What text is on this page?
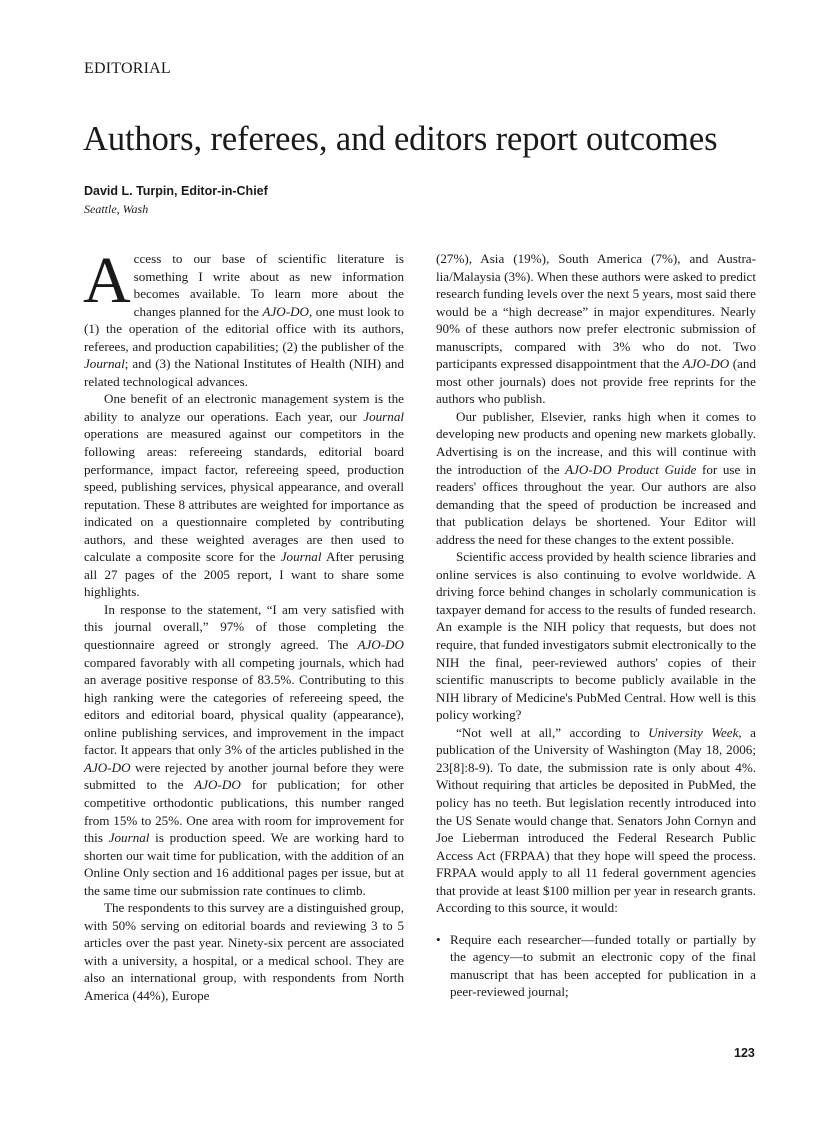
EDITORIAL
Authors, referees, and editors report outcomes
David L. Turpin, Editor-in-Chief
Seattle, Wash

Access to our base of scientific literature is something I write about as new information becomes available. To learn more about the changes planned for the AJO-DO, one must look to (1) the operation of the editorial office with its authors, referees, and production capabilities; (2) the publisher of the Journal; and (3) the National Institutes of Health (NIH) and related technological advances.

One benefit of an electronic management system is the ability to analyze our operations. Each year, our Journal operations are measured against our competitors in the following areas: refereeing standards, editorial board performance, impact factor, refereeing speed, production speed, publishing services, physical appearance, and overall reputation. These 8 attributes are weighted for importance as indicated on a questionnaire completed by contributing authors, and these weighted averages are then used to calculate a composite score for the Journal After perusing all 27 pages of the 2005 report, I want to share some highlights.

In response to the statement, “I am very satisfied with this journal overall,” 97% of those completing the questionnaire agreed or strongly agreed. The AJO-DO compared favorably with all competing journals, which had an average positive response of 83.5%. Contributing to this high ranking were the categories of refereeing speed, the editors and editorial board, physical quality (appearance), online publishing services, and improvement in the impact factor. It appears that only 3% of the articles published in the AJO-DO were rejected by another journal before they were submitted to the AJO-DO for publication; for other competitive orthodontic publications, this number ranged from 15% to 25%. One area with room for improvement for this Journal is production speed. We are working hard to shorten our wait time for publication, with the addition of an Online Only section and 16 additional pages per issue, but at the same time our submission rate continues to climb.

The respondents to this survey are a distinguished group, with 50% serving on editorial boards and reviewing 3 to 5 articles over the past year. Ninety-six percent are associated with a university, a hospital, or a medical school. They are also an international group, with respondents from North America (44%), Europe

(27%), Asia (19%), South America (7%), and Australia/Malaysia (3%). When these authors were asked to predict research funding levels over the next 5 years, most said there would be a “high decrease” in major expenditures. Nearly 90% of these authors now prefer electronic submission of manuscripts, compared with 3% who do not. Two participants expressed disappointment that the AJO-DO (and most other journals) does not provide free reprints for the authors who publish.

Our publisher, Elsevier, ranks high when it comes to developing new products and opening new markets globally. Advertising is on the increase, and this will continue with the introduction of the AJO-DO Product Guide for use in readers' offices throughout the year. Our authors are also demanding that the speed of production be increased and that publication delays be shortened. Your Editor will address the need for these changes to the extent possible.

Scientific access provided by health science libraries and online services is also continuing to evolve worldwide. A driving force behind changes in scholarly communication is taxpayer demand for access to the results of funded research. An example is the NIH policy that requests, but does not require, that funded investigators submit electronically to the NIH the final, peer-reviewed authors' copies of their scientific manuscripts to become publicly available in the NIH library of Medicine's PubMed Central. How well is this policy working?

“Not well at all,” according to University Week, a publication of the University of Washington (May 18, 2006; 23[8]:8-9). To date, the submission rate is only about 4%. Without requiring that articles be deposited in PubMed, the policy has no teeth. But legislation recently introduced into the US Senate would change that. Senators John Cornyn and Joe Lieberman introduced the Federal Research Public Access Act (FRPAA) that they hope will speed the process. FRPAA would apply to all 11 federal government agencies that provide at least $100 million per year in research grants. According to this source, it would:

• Require each researcher—funded totally or partially by the agency—to submit an electronic copy of the final manuscript that has been accepted for publication in a peer-reviewed journal;
123
